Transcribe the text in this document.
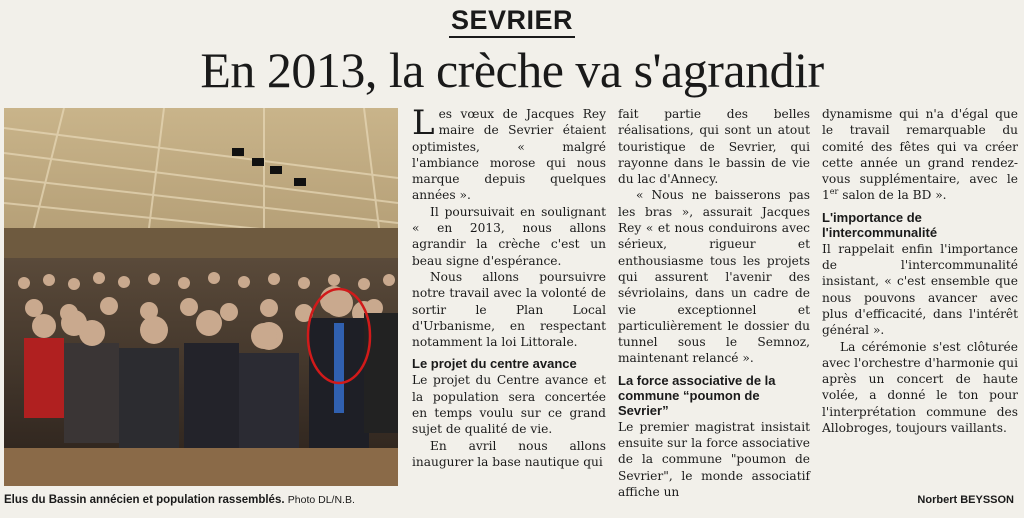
SEVRIER
En 2013, la crèche va s'agrandir
Elus du Bassin annécien et population rassemblés. Photo DL/N.B.

Les vœux de Jacques Rey maire de Sevrier étaient optimistes, « malgré l'ambiance morose qui nous marque depuis quelques années ».

Il poursuivait en soulignant « en 2013, nous allons agrandir la crèche c'est un beau signe d'espérance.

Nous allons poursuivre notre travail avec la volonté de sortir le Plan Local d'Urbanisme, en respectant notamment la loi Littorale.

Le projet du centre avance

Le projet du Centre avance et la population sera concertée en temps voulu sur ce grand sujet de qualité de vie.

En avril nous allons inaugurer la base nautique qui

fait partie des belles réalisations, qui sont un atout touristique de Sevrier, qui rayonne dans le bassin de vie du lac d'Annecy.

« Nous ne baisserons pas les bras », assurait Jacques Rey « et nous conduirons avec sérieux, rigueur et enthousiasme tous les projets qui assurent l'avenir des sévriolains, dans un cadre de vie exceptionnel et particulièrement le dossier du tunnel sous le Semnoz, maintenant relancé ».

La force associative de la commune “poumon de Sevrier”

Le premier magistrat insistait ensuite sur la force associative de la commune "poumon de Sevrier", le monde associatif affiche un

dynamisme qui n'a d'égal que le travail remarquable du comité des fêtes qui va créer cette année un grand rendez-vous supplémentaire, avec le 1er salon de la BD ».

L'importance de l'intercommunalité

Il rappelait enfin l'importance de l'intercommunalité insistant, « c'est ensemble que nous pouvons avancer avec plus d'efficacité, dans l'intérêt général ».

La cérémonie s'est clôturée avec l'orchestre d'harmonie qui après un concert de haute volée, a donné le ton pour l'interprétation commune des Allobroges, toujours vaillants.

Norbert BEYSSON
